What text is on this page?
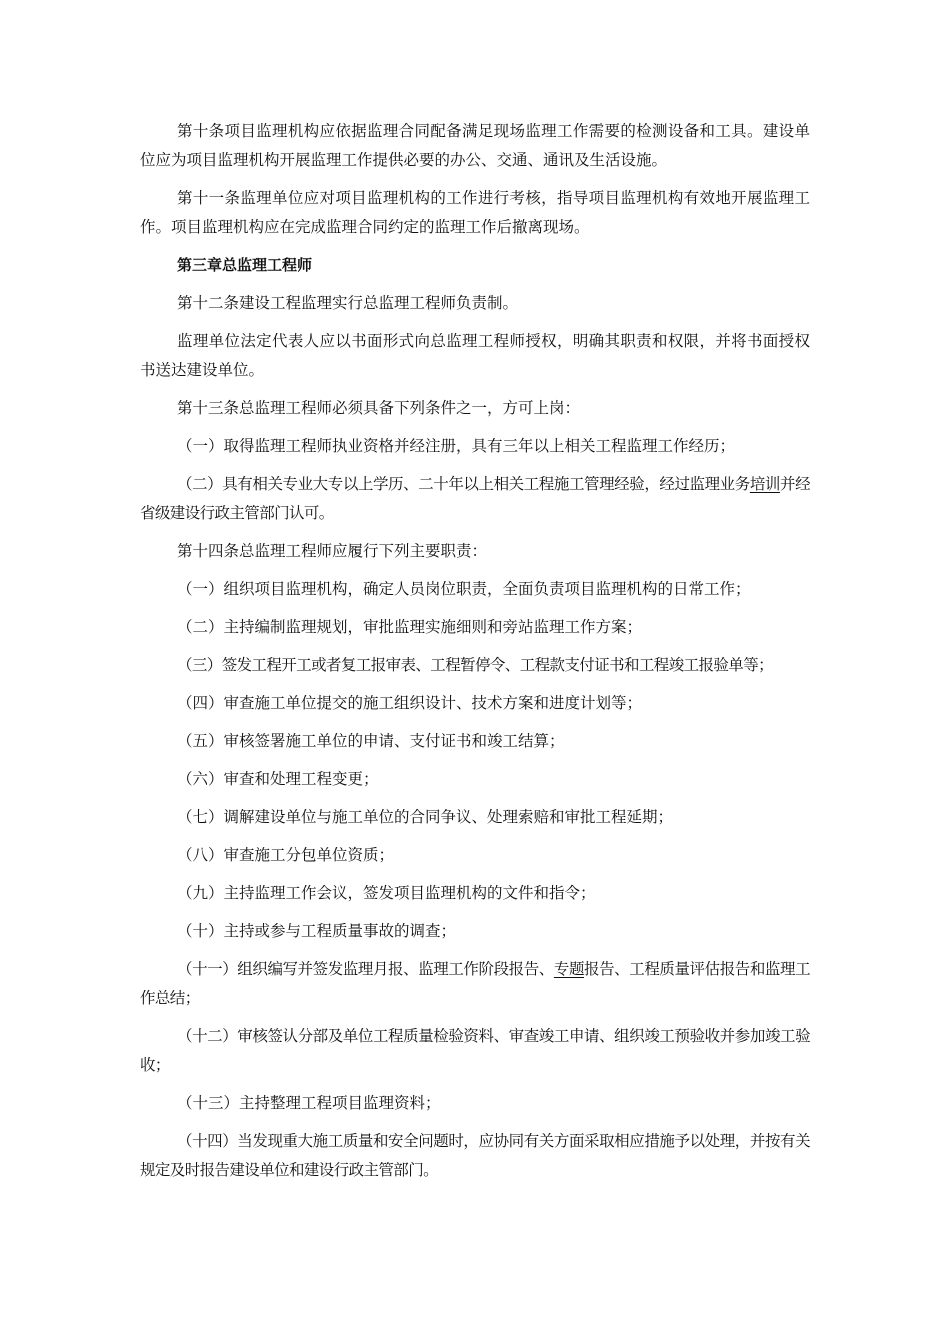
第十条项目监理机构应依据监理合同配备满足现场监理工作需要的检测设备和工具。建设单位应为项目监理机构开展监理工作提供必要的办公、交通、通讯及生活设施。

第十一条监理单位应对项目监理机构的工作进行考核，指导项目监理机构有效地开展监理工作。项目监理机构应在完成监理合同约定的监理工作后撤离现场。

第三章总监理工程师

第十二条建设工程监理实行总监理工程师负责制。

监理单位法定代表人应以书面形式向总监理工程师授权，明确其职责和权限，并将书面授权书送达建设单位。

第十三条总监理工程师必须具备下列条件之一，方可上岗：

（一）取得监理工程师执业资格并经注册，具有三年以上相关工程监理工作经历；

（二）具有相关专业大专以上学历、二十年以上相关工程施工管理经验，经过监理业务培训并经省级建设行政主管部门认可。

第十四条总监理工程师应履行下列主要职责：

（一）组织项目监理机构，确定人员岗位职责，全面负责项目监理机构的日常工作；

（二）主持编制监理规划，审批监理实施细则和旁站监理工作方案；

（三）签发工程开工或者复工报审表、工程暂停令、工程款支付证书和工程竣工报验单等；

（四）审查施工单位提交的施工组织设计、技术方案和进度计划等；

（五）审核签署施工单位的申请、支付证书和竣工结算；

（六）审查和处理工程变更；

（七）调解建设单位与施工单位的合同争议、处理索赔和审批工程延期；

（八）审查施工分包单位资质；

（九）主持监理工作会议，签发项目监理机构的文件和指令；

（十）主持或参与工程质量事故的调查；

（十一）组织编写并签发监理月报、监理工作阶段报告、专题报告、工程质量评估报告和监理工作总结；

（十二）审核签认分部及单位工程质量检验资料、审查竣工申请、组织竣工预验收并参加竣工验收；

（十三）主持整理工程项目监理资料；

（十四）当发现重大施工质量和安全问题时，应协同有关方面采取相应措施予以处理，并按有关规定及时报告建设单位和建设行政主管部门。
